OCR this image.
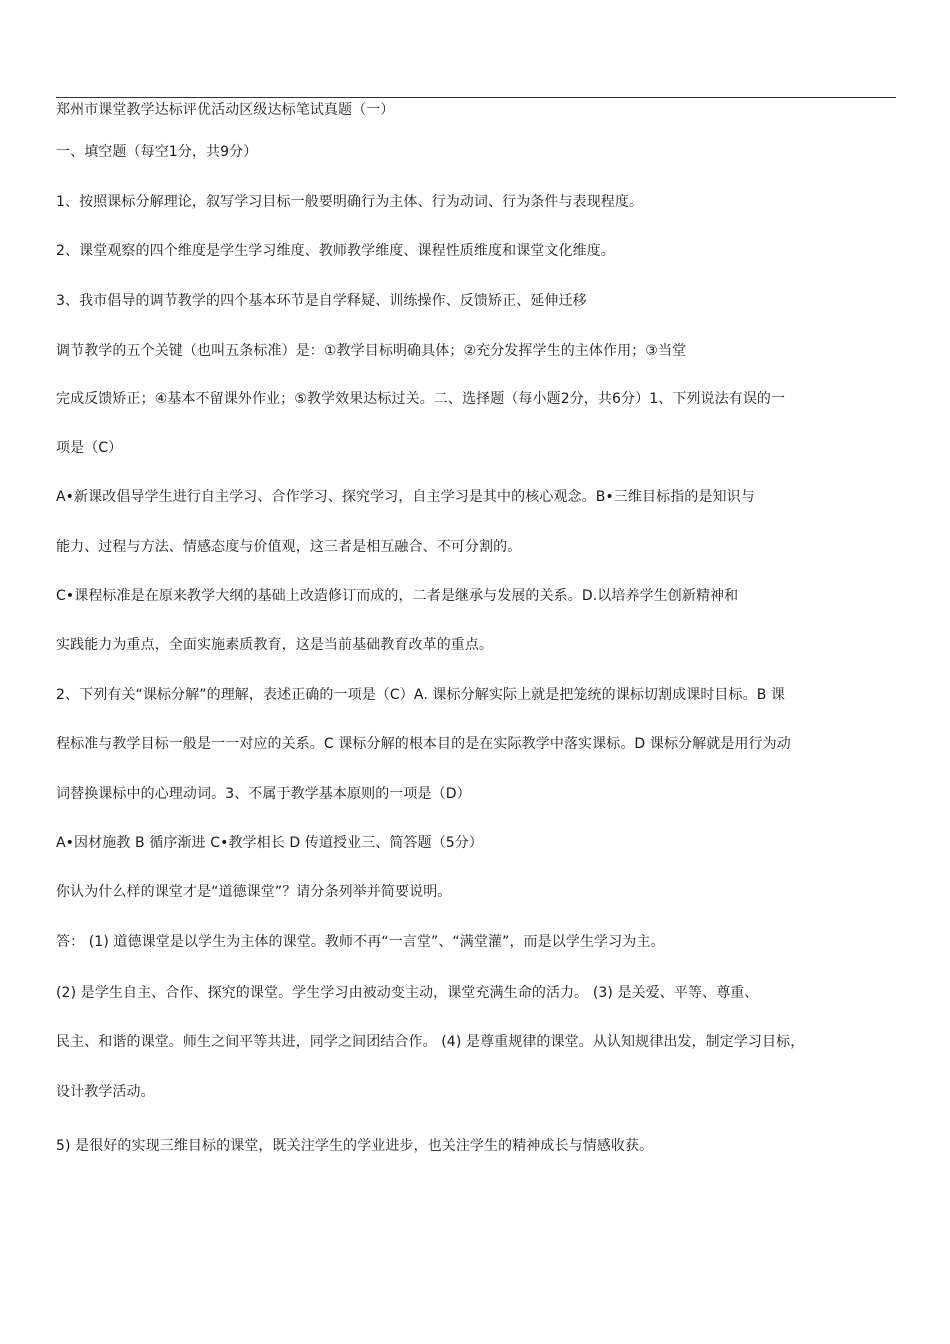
郑州市课堂教学达标评优活动区级达标笔试真题（一）
一、填空题（每空1分，共9分）
1、按照课标分解理论，叙写学习目标一般要明确行为主体、行为动词、行为条件与表现程度。
2、课堂观察的四个维度是学生学习维度、教师教学维度、课程性质维度和课堂文化维度。
3、我市倡导的调节教学的四个基本环节是自学释疑、训练操作、反馈矫正、延伸迁移
调节教学的五个关键（也叫五条标准）是：①教学目标明确具体；②充分发挥学生的主体作用；③当堂
完成反馈矫正；④基本不留课外作业；⑤教学效果达标过关。二、选择题（每小题2分，共6分）1、下列说法有误的一
项是（C）
A•新课改倡导学生进行自主学习、合作学习、探究学习，自主学习是其中的核心观念。B•三维目标指的是知识与
能力、过程与方法、情感态度与价值观，这三者是相互融合、不可分割的。
C•课程标准是在原来教学大纲的基础上改造修订而成的，二者是继承与发展的关系。D.以培养学生创新精神和
实践能力为重点，全面实施素质教育，这是当前基础教育改革的重点。
2、下列有关“课标分解”的理解，表述正确的一项是（C）A. 课标分解实际上就是把笼统的课标切割成课时目标。B 课
程标准与教学目标一般是一一对应的关系。C 课标分解的根本目的是在实际教学中落实课标。D 课标分解就是用行为动
词替换课标中的心理动词。3、不属于教学基本原则的一项是（D）
A•因材施教 B 循序渐进 C•教学相长 D 传道授业三、简答题（5分）
你认为什么样的课堂才是“道德课堂”？请分条列举并简要说明。
答： (1) 道德课堂是以学生为主体的课堂。教师不再“一言堂”、“满堂灌”，而是以学生学习为主。
(2) 是学生自主、合作、探究的课堂。学生学习由被动变主动，课堂充满生命的活力。 (3) 是关爱、平等、尊重、
民主、和谐的课堂。师生之间平等共进，同学之间团结合作。 (4) 是尊重规律的课堂。从认知规律出发，制定学习目标，
设计教学活动。
5) 是很好的实现三维目标的课堂，既关注学生的学业进步，也关注学生的精神成长与情感收获。
